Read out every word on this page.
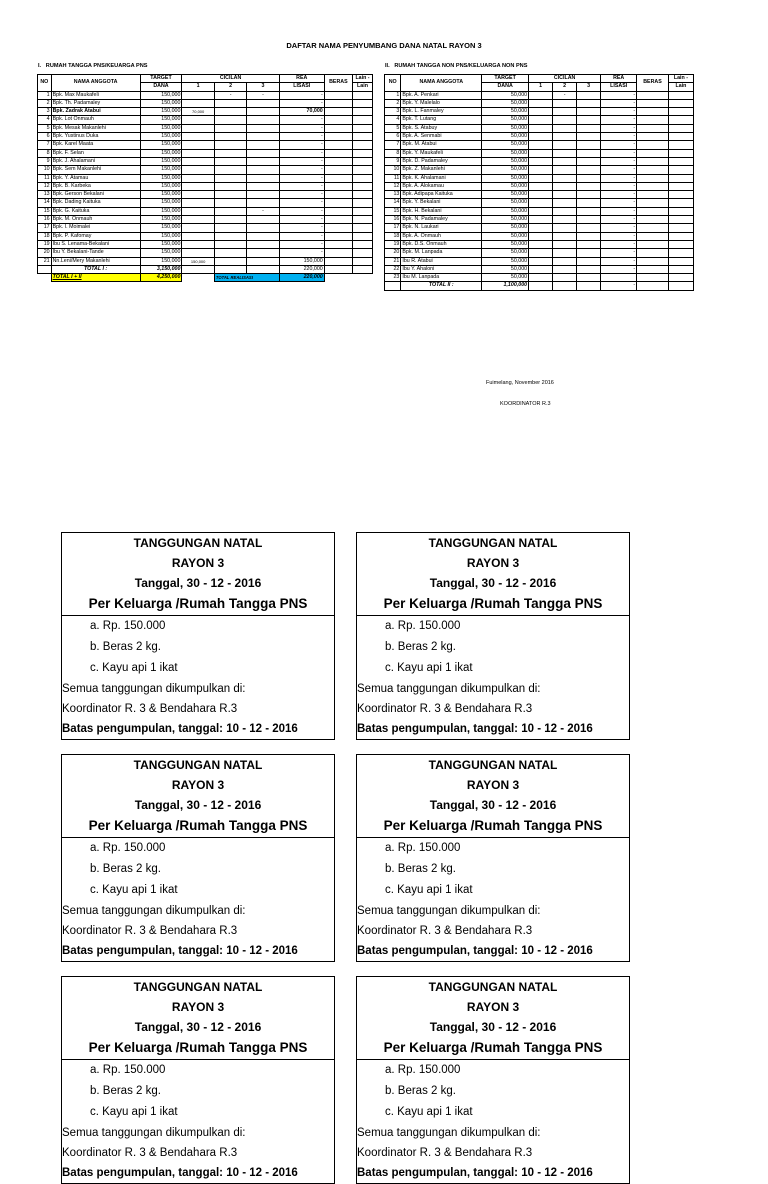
DAFTAR NAMA PENYUMBANG DANA NATAL RAYON 3
I. RUMAH TANGGA PNS/KEUARGA PNS
NO	NAMA ANGGOTA	TARGET	CICILAN			REA	BERAS	Lain -
		DANA	1	2	3	LISASI		Lain
1	Bpk. Max Maukafeli	150,000		-	-	-		
2	Bpk. Th. Padamaley	150,000				-		
3	Bpk. Zadrak Atabui	150,000	70,000			70,000		
4	Bpk. Lot Onmauh	150,000				-		
5	Bpk. Mesak Makanlehi	150,000				-		
6	Bpk. Yustinus Duka	150,000				-		
7	Bpk. Karel Maata	150,000				-		
8	Bpk. F. Selan	150,000				-		
9	Bpk. J. Ahalamani	150,000				-		
10	Bpk. Sem Makanlehi	150,000				-		
11	Bpk. Y. Atamau	150,000				-		
12	Bpk. B. Karbeka	150,000				-		
13	Bpk. Gerson Bekalani	150,000				-		
14	Bpk. Dading Kaituka	150,000				-		
15	Bpk. G. Kaituka	150,000			-	-		
16	Bpk. M. Onmauh	150,000				-		
17	Bpk. I. Moimalei	150,000				-		
18	Bpk. P. Kafomay	150,000				-		
19	Ibu S. Lenama-Bekalani	150,000				-		
20	Ibu Y. Bekalani-Tande	150,000				-		
21	Nn.Leni/Mery Makanlehi	150,000	150,000			150,000		
	TOTAL I :	3,150,000				220,000		
	TOTAL I + II	4,250,000		TOTAL REALISASI		220,000		
II. RUMAH TANGGA NON PNS/KELUARGA NON PNS
NO	NAMA ANGGOTA	TARGET	CICILAN			REA	BERAS	Lain -
		DANA	1	2	3	LISASI		Lain
1	Bpk. A. Penkari	50,000		-		-		
2	Bpk. Y. Malelalo	50,000				-		
3	Bpk. L. Fanmaley	50,000				-		
4	Bpk. T. Lutang	50,000				-		
5	Bpk. S. Atabuy	50,000				-		
6	Bpk. A. Senmabi	50,000				-		
7	Bpk. M. Atabui	50,000				-		
8	Bpk. Y. Maukafeli	50,000				-		
9	Bpk. D. Padamaley	50,000				-		
10	Bpk. Z. Makanlehi	50,000				-		
11	Bpk. K. Ahalamani	50,000				-		
12	Bpk. A. Alokamau	50,000				-		
13	Bpk. Adipapa Kaituka	50,000				-		
14	Bpk. Y. Bekalani	50,000				-		
15	Bpk. H. Bekalani	50,000				-		
16	Bpk. N. Padamaley	50,000				-		
17	Bpk. N. Laukari	50,000				-		
18	Bpk. A. Onmauh	50,000				-		
19	Bpk. D.S. Onmauh	50,000				-		
20	Bpk. M. Lanpada	50,000				-		
21	Ibu R. Atabui	50,000				-		
22	Ibu Y. Ahaloni	50,000				-		
23	Ibu M. Lanpada	50,000						
	TOTAL II :	1,100,000				-		
Fuimelang, November 2016
KOORDINATOR R.3
TANGGUNGAN NATAL
RAYON 3
Tanggal, 30 - 12 - 2016
Per Keluarga /Rumah Tangga PNS
a. Rp. 150.000
b. Beras 2 kg.
c. Kayu api 1 ikat
Semua tanggungan dikumpulkan di:
Koordinator R. 3 & Bendahara R.3
Batas pengumpulan, tanggal: 10 - 12 - 2016
TANGGUNGAN NATAL
RAYON 3
Tanggal, 30 - 12 - 2016
Per Keluarga /Rumah Tangga PNS
a. Rp. 150.000
b. Beras 2 kg.
c. Kayu api 1 ikat
Semua tanggungan dikumpulkan di:
Koordinator R. 3 & Bendahara R.3
Batas pengumpulan, tanggal: 10 - 12 - 2016
TANGGUNGAN NATAL
RAYON 3
Tanggal, 30 - 12 - 2016
Per Keluarga /Rumah Tangga PNS
a. Rp. 150.000
b. Beras 2 kg.
c. Kayu api 1 ikat
Semua tanggungan dikumpulkan di:
Koordinator R. 3 & Bendahara R.3
Batas pengumpulan, tanggal: 10 - 12 - 2016
TANGGUNGAN NATAL
RAYON 3
Tanggal, 30 - 12 - 2016
Per Keluarga /Rumah Tangga PNS
a. Rp. 150.000
b. Beras 2 kg.
c. Kayu api 1 ikat
Semua tanggungan dikumpulkan di:
Koordinator R. 3 & Bendahara R.3
Batas pengumpulan, tanggal: 10 - 12 - 2016
TANGGUNGAN NATAL
RAYON 3
Tanggal, 30 - 12 - 2016
Per Keluarga /Rumah Tangga PNS
a. Rp. 150.000
b. Beras 2 kg.
c. Kayu api 1 ikat
Semua tanggungan dikumpulkan di:
Koordinator R. 3 & Bendahara R.3
Batas pengumpulan, tanggal: 10 - 12 - 2016
TANGGUNGAN NATAL
RAYON 3
Tanggal, 30 - 12 - 2016
Per Keluarga /Rumah Tangga PNS
a. Rp. 150.000
b. Beras 2 kg.
c. Kayu api 1 ikat
Semua tanggungan dikumpulkan di:
Koordinator R. 3 & Bendahara R.3
Batas pengumpulan, tanggal: 10 - 12 - 2016
